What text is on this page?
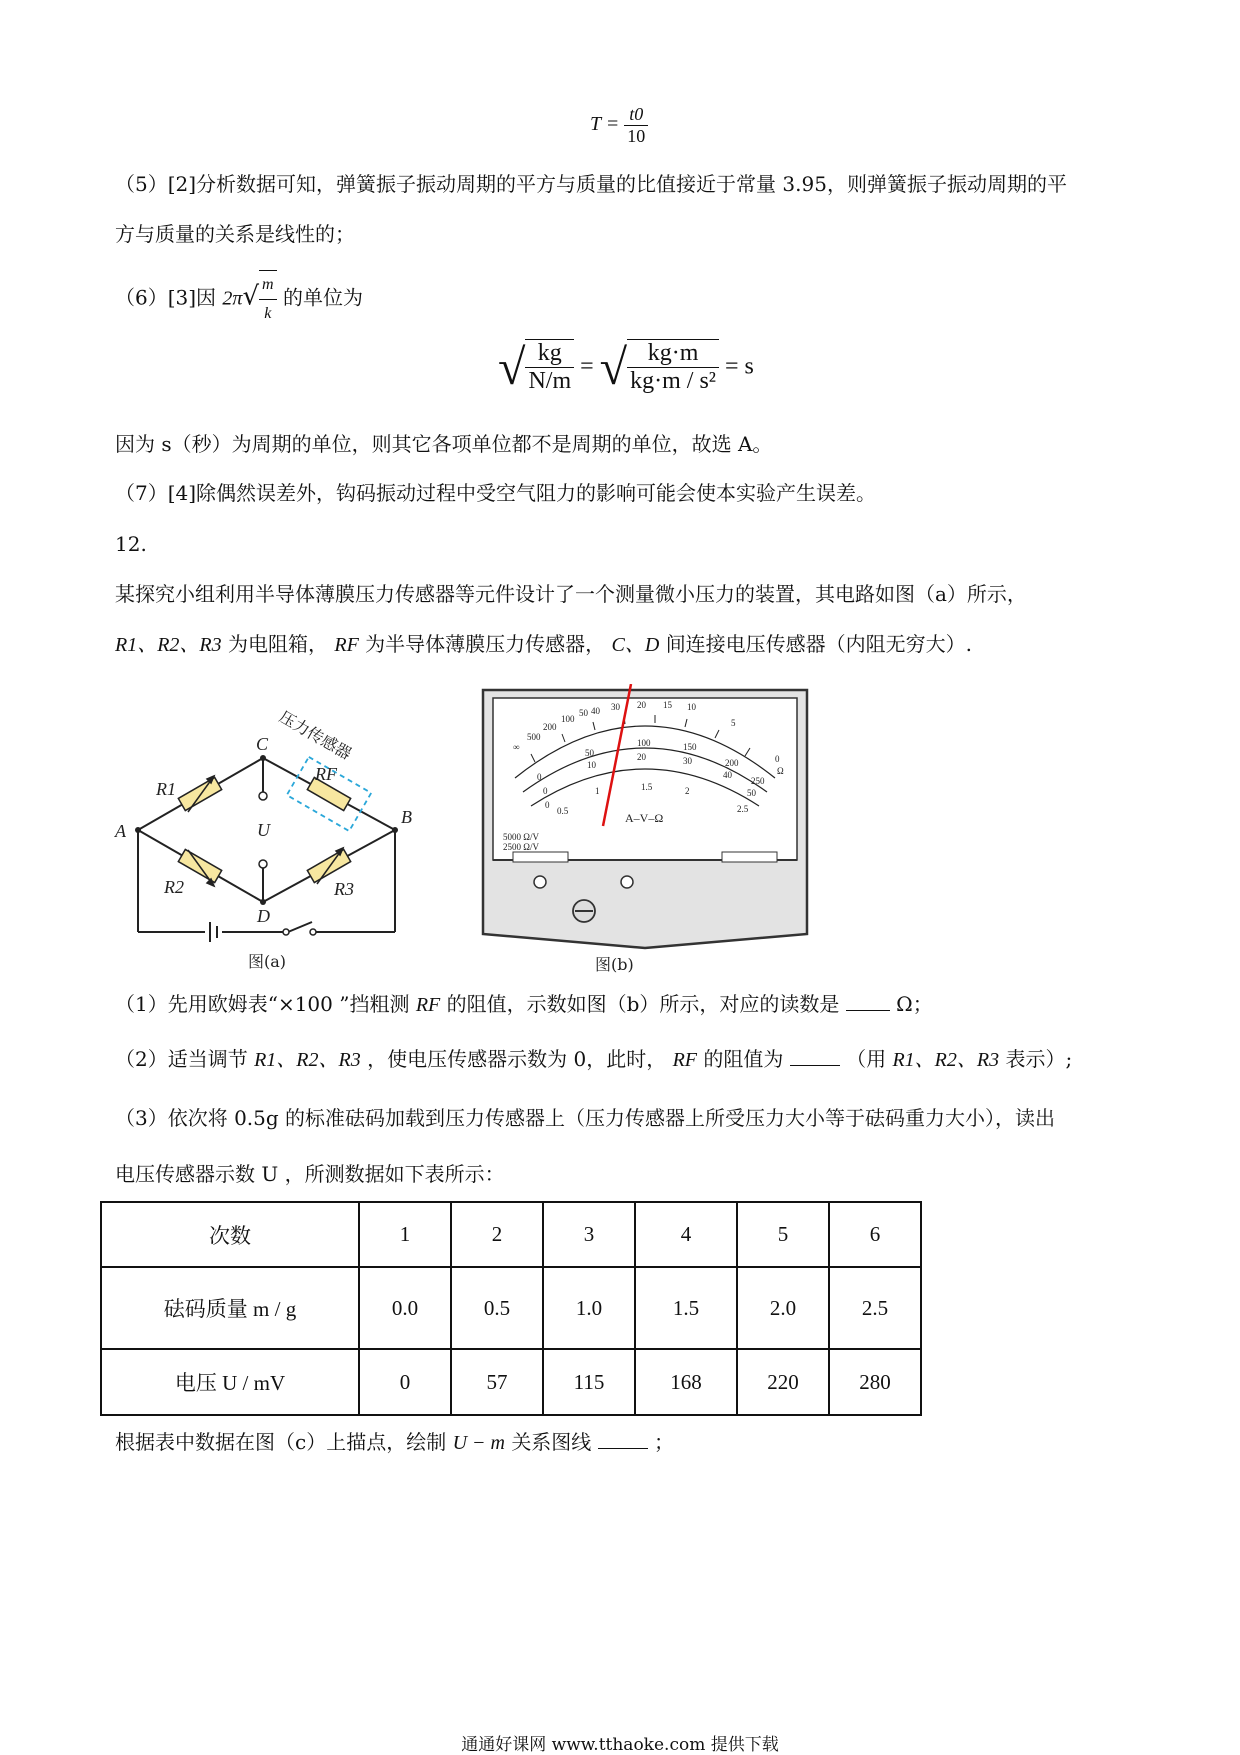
$T = \frac{t0}{10}$
（5）[2]分析数据可知，弹簧振子振动周期的平方与质量的比值接近于常量 3.95，则弹簧振子振动周期的平
方与质量的关系是线性的；
（6）[3]因 $2\pi√ \frac{m}{k}$ 的单位为
√ $\frac{kg}{N/m}$ = √ $\frac{kg\cdot m}{\text{kg·m / s²}} = s$
因为 s（秒）为周期的单位，则其它各项单位都不是周期的单位，故选 A。
（7）[4]除偶然误差外，钩码振动过程中受空气阻力的影响可能会使本实验产生误差。
12.
某探究小组利用半导体薄膜压力传感器等元件设计了一个测量微小压力的装置，其电路如图（a）所示，
R1、R2、R3 为电阻箱， RF 为半导体薄膜压力传感器， C、D 间连接电压传感器（内阻无穷大）.
A
B
C
D
U
R1
R2	R3
RF
压力传感器
图(a)
∞
500
200
100
50 40 30 20 15 10
5
0
Ω
0
50
100	150
200
250
0
10
20	30
40
50
0
0.5
1	1.5	2
2.5
5000 Ω/V
2500 Ω/V
A–V–Ω
图(b)
（1）先用欧姆表“×100 ”挡粗测 RF 的阻值，示数如图（b）所示，对应的读数是	Ω；
（2）适当调节 R1、R2、R3 ，使电压传感器示数为 0，此时， RF 的阻值为	（用 R1、R2、R3 表示）;
（3）依次将 0.5g 的标准砝码加载到压力传感器上（压力传感器上所受压力大小等于砝码重力大小），读出
电压传感器示数 U ，所测数据如下表所示：
次数	1	2	3	4	5	6
砝码质量 m / g	0.0	0.5	1.0	1.5	2.0	2.5
电压 U / mV	0	57	115	168	220	280
根据表中数据在图（c）上描点，绘制 U − m 关系图线	；
通通好课网 www.tthaoke.com 提供下载
